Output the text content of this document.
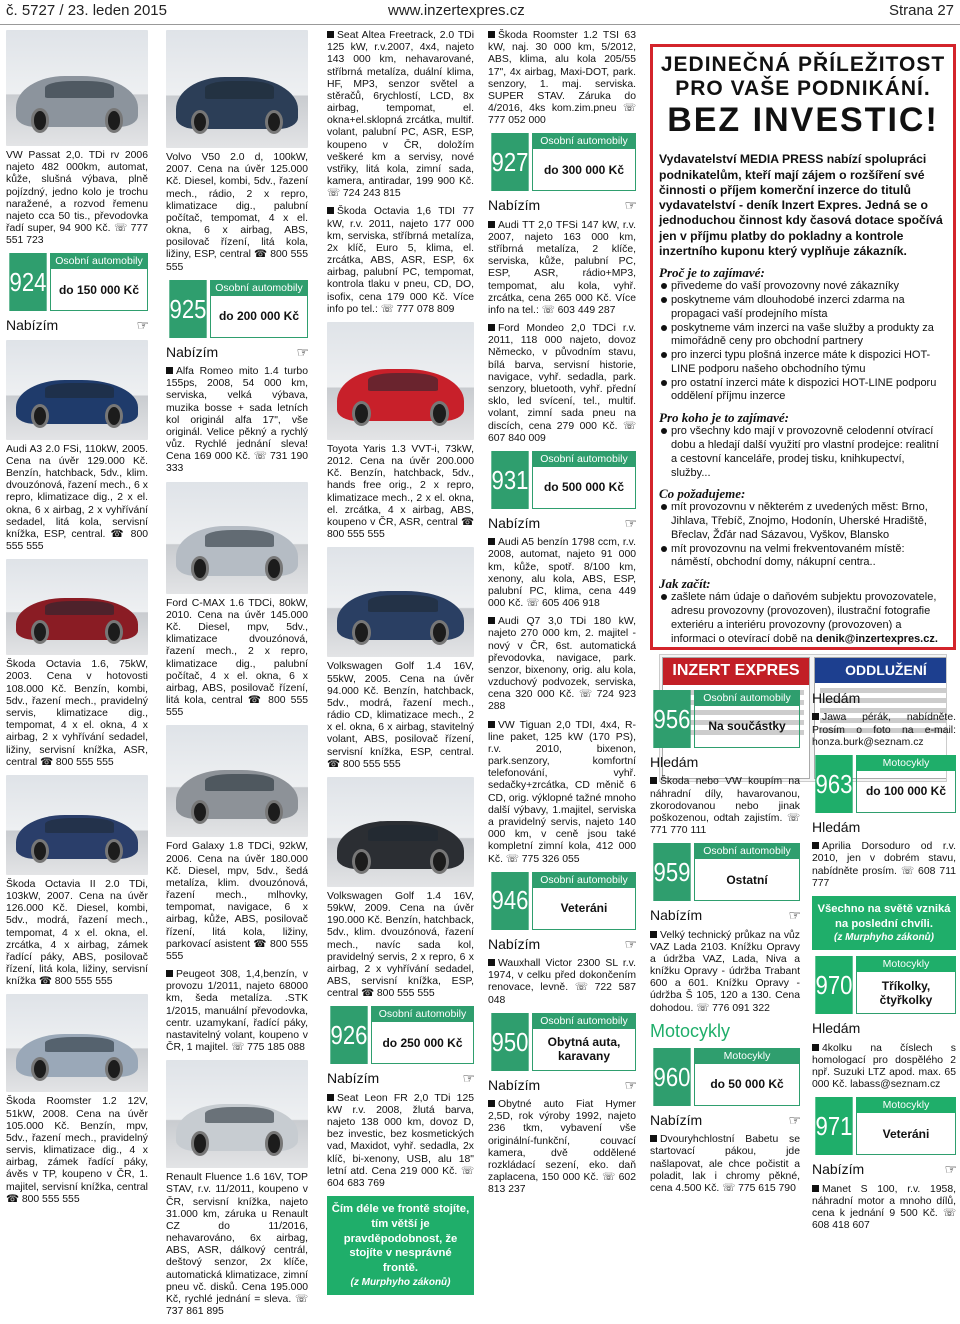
č. 5727 / 23. leden 2015	www.inzertexpres.cz	Strana 27
VW Passat 2,0. TDi rv 2006 najeto 482 000km, automat, kůže, slušná výbava, plně pojízdný, jedno kolo je trochu naražené, a rozvod řemenu najeto cca 50 tis., převodovka řadí super, 94 900 Kč. ☏ 777 551 723
924
Osobní automobily
do 150 000 Kč
Nabízím	☞
Audi A3 2.0 FSi, 110kW, 2005. Cena na úvěr 129.000 Kč. Benzín, hatchback, 5dv., klim. dvouzónová, řazení mech., 6 x repro, klimatizace dig., 2 x el. okna, 6 x airbag, 2 x vyhřívání sedadel, litá kola, servisní knížka, ESP, central. ☎ 800 555 555
Škoda Octavia 1.6, 75kW, 2003. Cena v hotovosti 108.000 Kč. Benzín, kombi, 5dv., řazení mech., pravidelný servis, klimatizace dig., tempomat, 4 x el. okna, 4 x airbag, 2 x vyhřívání sedadel, ližiny, servisní knížka, ASR, central ☎ 800 555 555
Škoda Octavia II 2.0 TDi, 103kW, 2007. Cena na úvěr 126.000 Kč. Diesel, kombi, 5dv., modrá, řazení mech., tempomat, 4 x el. okna, el. zrcátka, 4 x airbag, zámek řadící páky, ABS, posilovač řízení, litá kola, ližiny, servisní knížka ☎ 800 555 555
Škoda Roomster 1.2 12V, 51kW, 2008. Cena na úvěr 105.000 Kč. Benzín, mpv, 5dv., řazení mech., pravidelný servis, klimatizace dig., 4 x airbag, zámek řadící páky, ávěs v TP, koupeno v ČR, 1. majitel, servisní knížka, central ☎ 800 555 555
Volvo V50 2.0 d, 100kW, 2007. Cena na úvěr 125.000 Kč. Diesel, kombi, 5dv., řazení mech., rádio, 2 x repro, klimatizace dig., palubní počítač, tempomat, 4 x el. okna, 6 x airbag, ABS, posilovač řízení, litá kola, ližiny, ESP, central ☎ 800 555 555
925
Osobní automobily
do 200 000 Kč
Nabízím	☞
Alfa Romeo mito 1.4 turbo 155ps, 2008, 54 000 km, serviska, velká výbava, muzika bosse + sada letních kol originál alfa 17", vše originál. Velice pěkný a rychlý vůz. Rychlé jednání sleva! Cena 169 000 Kč. ☏ 731 190 333
Ford C-MAX 1.6 TDCi, 80kW, 2010. Cena na úvěr 145.000 Kč. Diesel, mpv, 5dv., klimatizace dvouzónová, řazení mech., 2 x repro, klimatizace dig., palubní počítač, 4 x el. okna, 6 x airbag, ABS, posilovač řízení, litá kola, central ☎ 800 555 555
Ford Galaxy 1.8 TDCi, 92kW, 2006. Cena na úvěr 180.000 Kč. Diesel, mpv, 5dv., šedá metalíza, klim. dvouzónová, řazení mech., mlhovky, tempomat, navigace, 6 x airbag, kůže, ABS, posilovač řízení, litá kola, ližiny, parkovací asistent ☎ 800 555 555
Peugeot 308, 1,4,benzín, v provozu 1/2011, najeto 68000 km, šeda metalíza. .STK 1/2015, manuální převodovka, centr. uzamykaní, řadící páky, nastavitelný volant, koupeno v ČR, 1 majitel. ☏ 775 185 088
Renault Fluence 1.6 16V, TOP STAV, r.v. 11/2011, koupeno v ČR, servisní knížka, najeto 31.000 km, záruka u Renault CZ do 11/2016, nehavarováno, 6x airbag, ABS, ASR, dálkový centrál, deštový senzor, 2x klíče, automatická klimatizace, zimní pneu vč. disků. Cena 195.000 Kč, rychlé jednání = sleva. ☏ 737 861 895
Seat Altea Freetrack, 2.0 TDi 125 kW, r.v.2007, 4x4, najeto 143 000 km, nehavarované, stříbrná metalíza, duální klima, HF, MP3, senzor světel a stěračů, 6rychlostí, LCD, 8x airbag, tempomat, el. okna+el.sklopná zrcátka, multif. volant, palubní PC, ASR, ESP, koupeno v ČR, doložím veškeré km a servisy, nové vstřiky, litá kola, zimní sada, kamera, antiradar, 199 900 Kč. ☏ 724 243 815
Škoda Octavia 1,6 TDI 77 kW, r.v. 2011, najeto 177 000 km, serviska, stříbrná metalíza, 2x klíč, Euro 5, klima, el. zrcátka, ABS, ASR, ESP, 6x airbag, palubní PC, tempomat, kontrola tlaku v pneu, CD, DO, isofix, cena 179 000 Kč. Více info po tel.: ☏ 777 078 809
Toyota Yaris 1.3 VVT-i, 73kW, 2012. Cena na úvěr 200.000 Kč. Benzín, hatchback, 5dv., hands free orig., 2 x repro, klimatizace mech., 2 x el. okna, el. zrcátka, 4 x airbag, ABS, koupeno v ČR, ASR, central ☎ 800 555 555
Volkswagen Golf 1.4 16V, 55kW, 2005. Cena na úvěr 94.000 Kč. Benzín, hatchback, 5dv., modrá, řazení mech., rádio CD, klimatizace mech., 2 x el. okna, 6 x airbag, stavitelný volant, ABS, posilovač řízení, servisní knížka, ESP, central. ☎ 800 555 555
Volkswagen Golf 1.4 16V, 59kW, 2009. Cena na úvěr 190.000 Kč. Benzín, hatchback, 5dv., klim. dvouzónová, řazení mech., navíc sada kol, pravidelný servis, 2 x repro, 6 x airbag, 2 x vyhřívání sedadel, ABS, servisní knížka, ESP, central ☎ 800 555 555
926
Osobní automobily
do 250 000 Kč
Nabízím	☞
Seat Leon FR 2,0 TDi 125 kW r.v. 2008, žlutá barva, najeto 138 000 km, dovoz D, bez investic, bez kosmetických vad, Maxidot, vyhř. sedadla, 2x klíč, bi-xenony, USB, alu 18" letní atd. Cena 219 000 Kč. ☏ 604 683 769
Čím déle ve frontě stojíte, tím větší je pravděpodobnost, že stojíte v nesprávné frontě.
(z Murphyho zákonů)
Škoda Roomster 1.2 TSI 63 kW, naj. 30 000 km, 5/2012, ABS, klima, alu kola 205/55 17", 4x airbag, Maxi-DOT, park. senzory, 1. maj. serviska. SUPER STAV. Záruka do 4/2016, 4ks kom.zim.pneu ☏ 777 052 000
927
Osobní automobily
do 300 000 Kč
Nabízím	☞
Audi TT 2,0 TFSi 147 kW, r.v. 2007, najeto 163 000 km, stříbrná metalíza, 2 klíče, serviska, kůže, palubní PC, ESP, ASR, rádio+MP3, tempomat, alu kola, vyhř. zrcátka, cena 265 000 Kč. Více info na tel.: ☏ 603 449 287
Ford Mondeo 2,0 TDCi r.v. 2011, 118 000 najeto, dovoz Německo, v původním stavu, bílá barva, servisní historie, navigace, vyhř. sedadla, park. senzory, bluetooth, vyhř. přední sklo, led svícení, tel., multif. volant, zimní sada pneu na discích, cena 279 000 Kč. ☏ 607 840 009
931
Osobní automobily
do 500 000 Kč
Nabízím	☞
Audi A5 benzín 1798 ccm, r.v. 2008, automat, najeto 91 000 km, kůže, spotř. 8/100 km, xenony, alu kola, ABS, ESP, palubní PC, klima, cena 449 000 Kč. ☏ 605 406 918
Audi Q7 3,0 TDi 180 kW, najeto 270 000 km, 2. majitel - nový v ČR, 6st. automatická převodovka, navigace, park. senzor, bixenony, orig. alu kola, vzduchový podvozek, serviska, cena 320 000 Kč. ☏ 724 923 288
VW Tiguan 2,0 TDI, 4x4, R-line paket, 125 kW (170 PS), r.v. 2010, bixenon, park.senzory, komfortní telefonování, vyhř. sedačky+zrcátka, CD měnič 6 CD, orig. výklopné tažné mnoho další výbavy, 1.majitel, serviska a pravidelný servis, najeto 140 000 km, v ceně jsou také kompletní zimní kola, 412 000 Kč. ☏ 775 326 055
946
Osobní automobily
Veteráni
Nabízím	☞
Wauxhall Victor 2300 SL r.v. 1974, v celku před dokončením renovace, levně. ☏ 722 587 048
950
Osobní automobily
Obytná auta, karavany
Nabízím	☞
Obytné auto Fiat Hymer 2,5D, rok výroby 1992, najeto 236 tkm, vybavení vše originální-funkční, couvací kamera, dvě oddělené rozkládací sezení, eko. daň zaplacena, 150 000 Kč. ☏ 602 813 237
JEDINEČNÁ PŘÍLEŽITOST
PRO VAŠE PODNIKÁNÍ.
BEZ INVESTIC!

Vydavatelství MEDIA PRESS nabízí spolupráci podnikatelům, kteří mají zájem o rozšíření své činnosti o příjem komerční inzerce do titulů vydavatelství - deník Inzert Expres. Jedná se o jednoduchou činnost kdy časová dotace spočívá jen v příjmu platby do pokladny a kontrole inzertního kuponu který vyplňuje zákazník.

Proč je to zajímavé:
přivedeme do vaší provozovny nové zákazníky
poskytneme vám dlouhodobé inzerci zdarma na propagaci vaší prodejního místa
poskytneme vám inzerci na vaše služby a produkty za mimořádně ceny pro obchodní partnery
pro inzerci typu plošná inzerce máte k dispozici HOT-LINE podporu našeho obchodního týmu
pro ostatní inzerci máte k dispozici HOT-LINE podporu oddělení příjmu inzerce
Pro koho je to zajímavé:
pro všechny kdo mají v provozovně celodenní otvírací dobu a hledají další využití pro vlastní prodejce: realitní a cestovní kanceláře, prodej tisku, knihkupectví, služby...
Co požadujeme:
mít provozovnu v některém z uvedených měst: Brno, Jihlava, Třebíč, Znojmo, Hodonín, Uherské Hradiště, Břeclav, Žďár nad Sázavou, Vyškov, Blansko
mít provozovnu na velmi frekventovaném místě: náměstí, obchodní domy, nákupní centra..
Jak začít:
zašlete nám údaje o daňovém subjektu provozovatele, adresu provozovny (provozoven), ilustrační fotografie exteriéru a interiéru provozovny (provozoven) a informaci o otevírací době na denik@inzertexpres.cz.
INZERT EXPRES	ODDLUŽENÍ
956
Osobní automobily
Na součástky
Hledám
Škoda nebo VW koupím na náhradní díly, havarovanou, zkorodovanou nebo jinak poškozenou, odtah zajistím. ☏ 771 770 111
959
Osobní automobily
Ostatní
Nabízím	☞
Velký technický průkaz na vůz VAZ Lada 2103. Knížku Opravy a údržba VAZ, Lada, Niva a knížku Opravy - údržba Trabant 600 a 601. Knížku Opravy - údržba Š 105, 120 a 130. Cena dohodou. ☏ 776 091 322
Motocykly
960
Motocykly
do 50 000 Kč
Nabízím	☞
Dvouryhchlostní Babetu se startovací pákou, jde našlapovat, ale chce počistit a poladit, lak i chromy pěkné, cena 4.500 Kč. ☏ 775 615 790
Hledám
Jawa pérák, nabídněte. Prosím o foto na e-mail: honza.burk@seznam.cz
963
Motocykly
do 100 000 Kč
Hledám
Aprilia Dorsoduro od r.v. 2010, jen v dobrém stavu, nabídněte prosím. ☏ 608 711 777
Všechno na světě vzniká na poslední chvíli.
(z Murphyho zákonů)
970
Motocykly
Tříkolky, čtyřkolky
Hledám
4kolku na číslech s homologací pro dospělého 2 npř. Suzuki LTZ apod. max. 65 000 Kč. labass@seznam.cz
971
Motocykly
Veteráni
Nabízím	☞
Manet S 100, r.v. 1958, náhradní motor a mnoho dílů, cena k jednání 9 500 Kč. ☏ 608 418 607
